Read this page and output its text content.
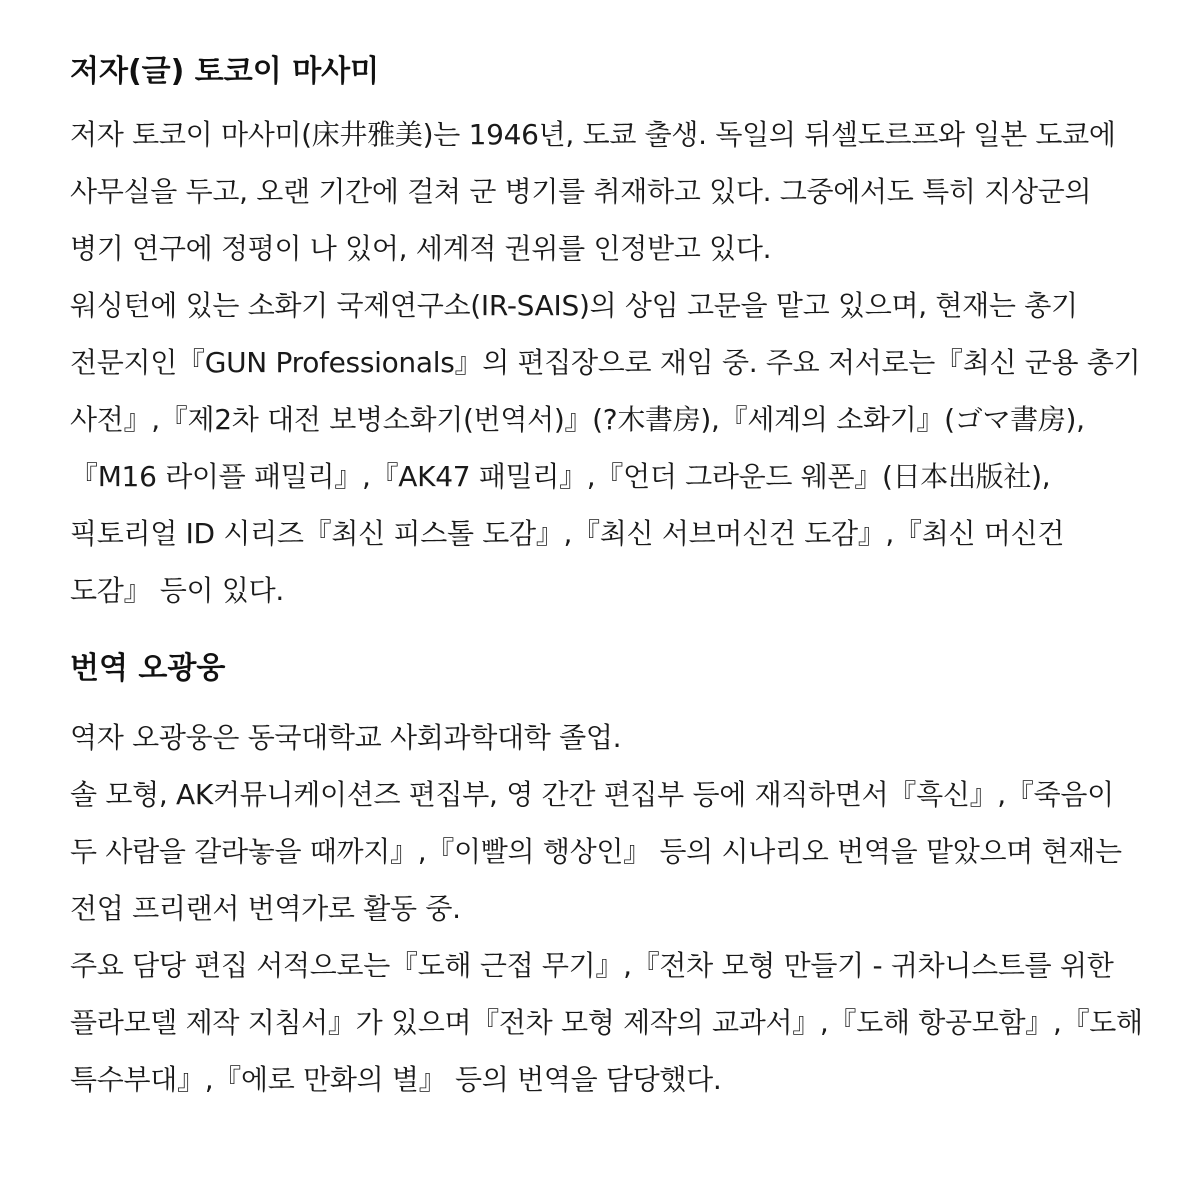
저자(글) 토코이 마사미

저자 토코이 마사미(床井雅美)는 1946년, 도쿄 출생. 독일의 뒤셀도르프와 일본 도쿄에 사무실을 두고, 오랜 기간에 걸쳐 군 병기를 취재하고 있다. 그중에서도 특히 지상군의 병기 연구에 정평이 나 있어, 세계적 권위를 인정받고 있다.

워싱턴에 있는 소화기 국제연구소(IR-SAIS)의 상임 고문을 맡고 있으며, 현재는 총기 전문지인『GUN Professionals』의 편집장으로 재임 중. 주요 저서로는『최신 군용 총기 사전』,『제2차 대전 보병소화기(번역서)』(?木書房),『세계의 소화기』(ゴマ書房),『M16 라이플 패밀리』,『AK47 패밀리』,『언더 그라운드 웨폰』(日本出版社), 픽토리얼 ID 시리즈『최신 피스톨 도감』,『최신 서브머신건 도감』,『최신 머신건 도감』 등이 있다.

번역 오광웅

역자 오광웅은 동국대학교 사회과학대학 졸업.

솔 모형, AK커뮤니케이션즈 편집부, 영 간간 편집부 등에 재직하면서『흑신』,『죽음이 두 사람을 갈라놓을 때까지』,『이빨의 행상인』 등의 시나리오 번역을 맡았으며 현재는 전업 프리랜서 번역가로 활동 중.

주요 담당 편집 서적으로는『도해 근접 무기』,『전차 모형 만들기 - 귀차니스트를 위한 플라모델 제작 지침서』가 있으며『전차 모형 제작의 교과서』,『도해 항공모함』,『도해 특수부대』,『에로 만화의 별』 등의 번역을 담당했다.
